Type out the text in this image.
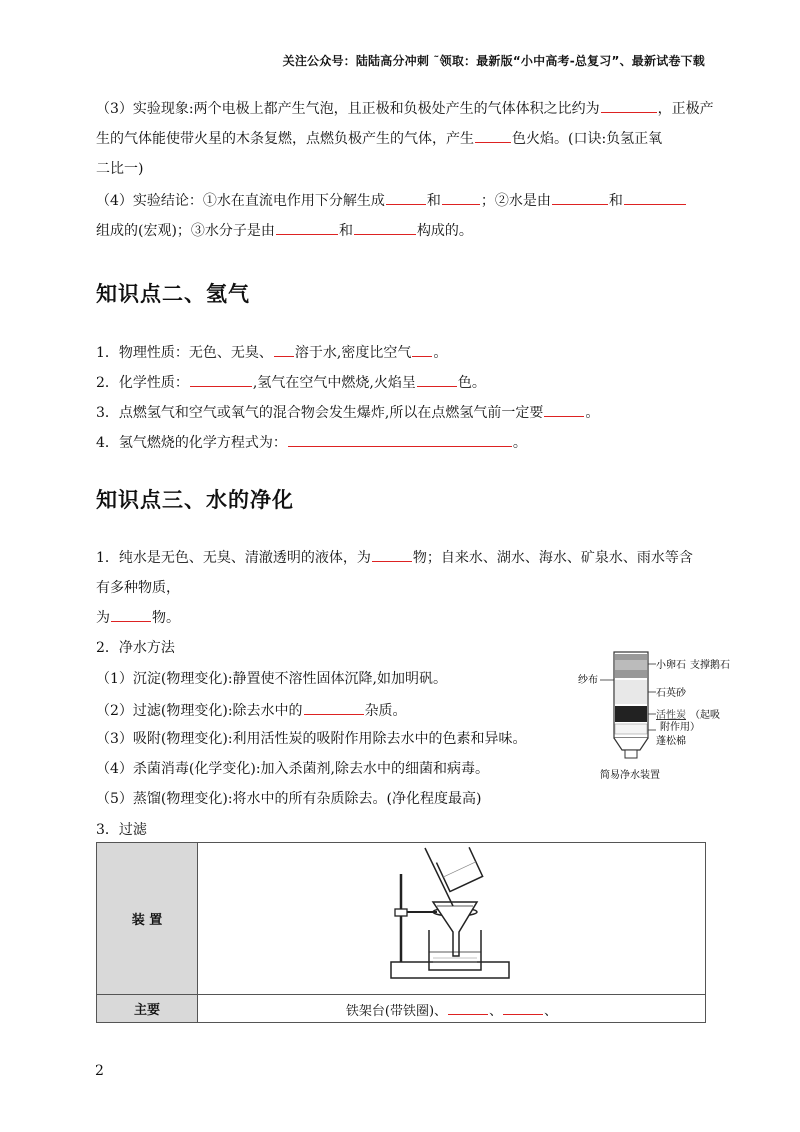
关注公众号：陆陆高分冲刺 ˜领取：最新版“小中高考-总复习”、最新试卷下载
（3）实验现象:两个电极上都产生气泡，且正极和负极处产生的气体体积之比约为	，正极产生的气体能使带火星的木条复燃，点燃负极产生的气体，产生	色火焰。(口诀:负氢正氧
二比一)
（4）实验结论：①水在直流电作用下分解生成	和	；②水是由	和
组成的(宏观)；③水分子是由	和	构成的。
知识点二、氢气
1．物理性质：无色、无臭、 溶于水,密度比空气 。
2．化学性质：	,氢气在空气中燃烧,火焰呈	色。
3．点燃氢气和空气或氧气的混合物会发生爆炸,所以在点燃氢气前一定要	。
4．氢气燃烧的化学方程式为：	。
知识点三、水的净化
1．纯水是无色、无臭、清澈透明的液体，为	物；自来水、湖水、海水、矿泉水、雨水等含
有多种物质，
为	物。
2．净水方法
（1）沉淀(物理变化):静置使不溶性固体沉降,如加明矾。
（2）过滤(物理变化):除去水中的	杂质。
（3）吸附(物理变化):利用活性炭的吸附作用除去水中的色素和异味。
（4）杀菌消毒(化学变化):加入杀菌剂,除去水中的细菌和病毒。
（5）蒸馏(物理变化):将水中的所有杂质除去。(净化程度最高)
3．过滤
小卵石 支撑鹅石
纱布
石英砂
活性炭 （起吸
附作用）
蓬松棉
简易净水装置
装 置	
主要	铁架台(带铁圈)、 、 、
2
